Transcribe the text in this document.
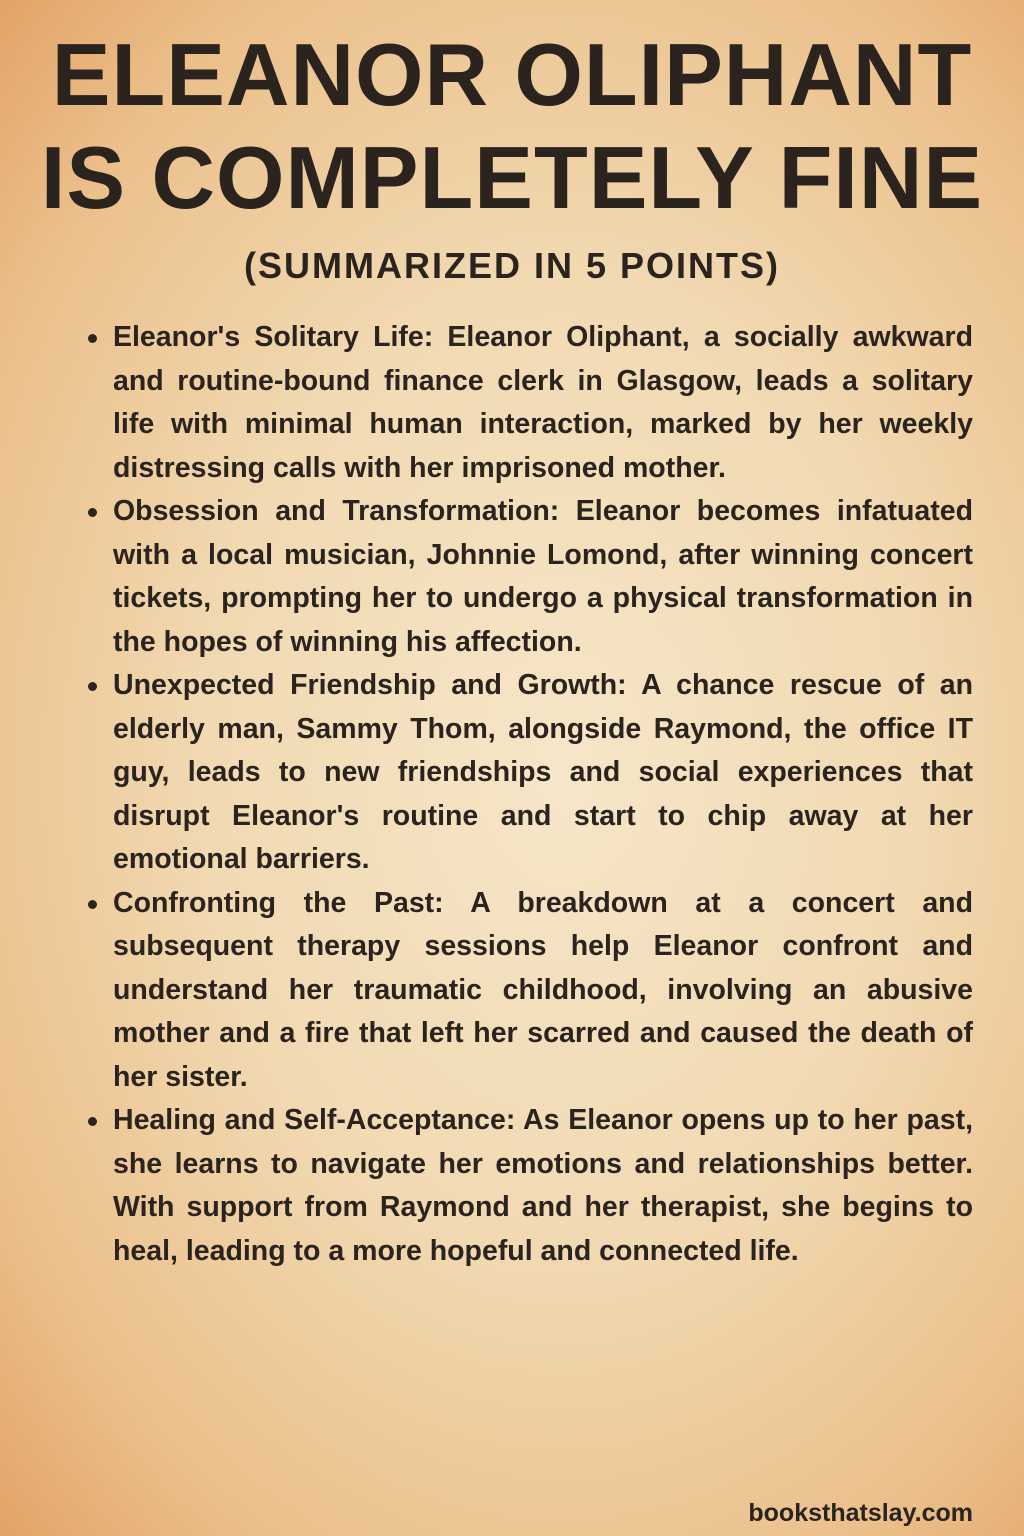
ELEANOR OLIPHANT
IS COMPLETELY FINE
(SUMMARIZED IN 5 POINTS)
Eleanor's Solitary Life: Eleanor Oliphant, a socially awkward and routine-bound finance clerk in Glasgow, leads a solitary life with minimal human interaction, marked by her weekly distressing calls with her imprisoned mother.
Obsession and Transformation: Eleanor becomes infatuated with a local musician, Johnnie Lomond, after winning concert tickets, prompting her to undergo a physical transformation in the hopes of winning his affection.
Unexpected Friendship and Growth: A chance rescue of an elderly man, Sammy Thom, alongside Raymond, the office IT guy, leads to new friendships and social experiences that disrupt Eleanor's routine and start to chip away at her emotional barriers.
Confronting the Past: A breakdown at a concert and subsequent therapy sessions help Eleanor confront and understand her traumatic childhood, involving an abusive mother and a fire that left her scarred and caused the death of her sister.
Healing and Self-Acceptance: As Eleanor opens up to her past, she learns to navigate her emotions and relationships better. With support from Raymond and her therapist, she begins to heal, leading to a more hopeful and connected life.
booksthatslay.com
